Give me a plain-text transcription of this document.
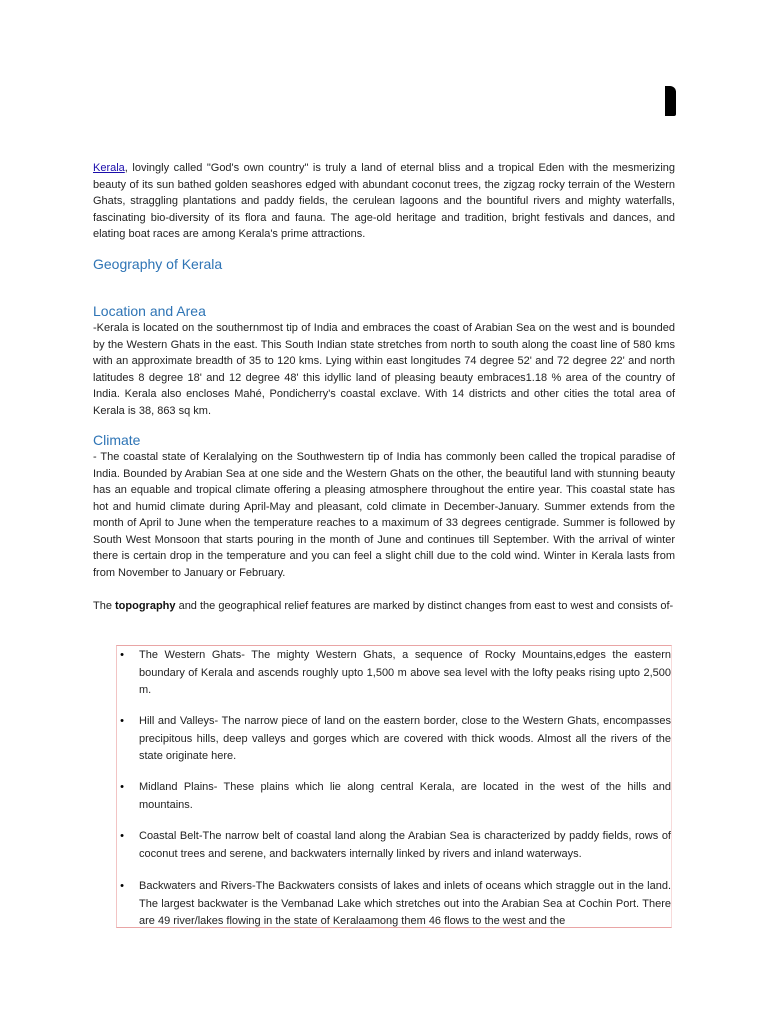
Kerala, lovingly called "God's own country" is truly a land of eternal bliss and a tropical Eden with the mesmerizing beauty of its sun bathed golden seashores edged with abundant coconut trees, the zigzag rocky terrain of the Western Ghats, straggling plantations and paddy fields, the cerulean lagoons and the bountiful rivers and mighty waterfalls, fascinating bio-diversity of its flora and fauna. The age-old heritage and tradition, bright festivals and dances, and elating boat races are among Kerala's prime attractions.

Geography of Kerala
Location and Area

-Kerala is located on the southernmost tip of India and embraces the coast of Arabian Sea on the west and is bounded by the Western Ghats in the east. This South Indian state stretches from north to south along the coast line of 580 kms with an approximate breadth of 35 to 120 kms. Lying within east longitudes 74 degree 52' and 72 degree 22' and north latitudes 8 degree 18' and 12 degree 48' this idyllic land of pleasing beauty embraces1.18 % area of the country of India. Kerala also encloses Mahé, Pondicherry's coastal exclave. With 14 districts and other cities the total area of Kerala is 38, 863 sq km.

Climate

- The coastal state of Keralalying on the Southwestern tip of India has commonly been called the tropical paradise of India. Bounded by Arabian Sea at one side and the Western Ghats on the other, the beautiful land with stunning beauty has an equable and tropical climate offering a pleasing atmosphere throughout the entire year. This coastal state has hot and humid climate during April-May and pleasant, cold climate in December-January. Summer extends from the month of April to June when the temperature reaches to a maximum of 33 degrees centigrade. Summer is followed by South West Monsoon that starts pouring in the month of June and continues till September. With the arrival of winter there is certain drop in the temperature and you can feel a slight chill due to the cold wind. Winter in Kerala lasts from from November to January or February.

The topography and the geographical relief features are marked by distinct changes from east to west and consists of-

• The Western Ghats- The mighty Western Ghats, a sequence of Rocky Mountains,edges the eastern boundary of Kerala and ascends roughly upto 1,500 m above sea level with the lofty peaks rising upto 2,500 m.
• Hill and Valleys- The narrow piece of land on the eastern border, close to the Western Ghats, encompasses precipitous hills, deep valleys and gorges which are covered with thick woods. Almost all the rivers of the state originate here.
• Midland Plains- These plains which lie along central Kerala, are located in the west of the hills and mountains.
• Coastal Belt-The narrow belt of coastal land along the Arabian Sea is characterized by paddy fields, rows of coconut trees and serene, and backwaters internally linked by rivers and inland waterways.
• Backwaters and Rivers-The Backwaters consists of lakes and inlets of oceans which straggle out in the land. The largest backwater is the Vembanad Lake which stretches out into the Arabian Sea at Cochin Port. There are 49 river/lakes flowing in the state of Keralaamong them 46 flows to the west and the
